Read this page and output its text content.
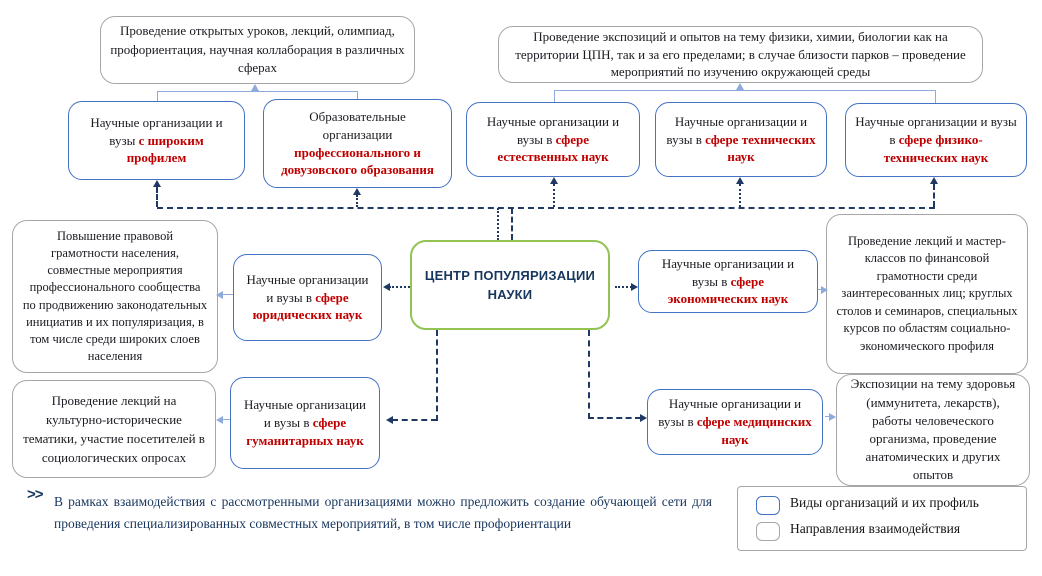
Проведение открытых уроков, лекций, олимпиад, профориентация, научная коллаборация в различных сферах
Проведение экспозиций и опытов на тему физики, химии, биологии как на территории ЦПН, так и за его пределами; в случае близости парков – проведение мероприятий по изучению окружающей среды
Научные организации и вузы с широким профилем
Образовательные организации профессионального и довузовского образования
Научные организации и вузы в сфере естественных наук
Научные организации и вузы в сфере технических наук
Научные организации и вузы в сфере физико-технических наук
Повышение правовой грамотности населения, совместные мероприятия профессионального сообщества по продвижению законодательных инициатив и их популяризация, в том числе среди широких слоев населения
Научные организации и вузы в сфере юридических наук
ЦЕНТР ПОПУЛЯРИЗАЦИИ НАУКИ
Научные организации и вузы в сфере экономических наук
Проведение лекций и мастер-классов по финансовой грамотности среди заинтересованных лиц; круглых столов и семинаров, специальных курсов по областям социально-экономического профиля
Проведение лекций на культурно-исторические тематики, участие посетителей в социологических опросах
Научные организации и вузы в сфере гуманитарных наук
Научные организации и вузы в сфере медицинских наук
Экспозиции на тему здоровья (иммунитета, лекарств), работы человеческого организма, проведение анатомических и других опытов
>> В рамках взаимодействия с рассмотренными организациями можно предложить создание обучающей сети для проведения специализированных совместных мероприятий, в том числе профориентации
Виды организаций и их профиль
Направления взаимодействия
